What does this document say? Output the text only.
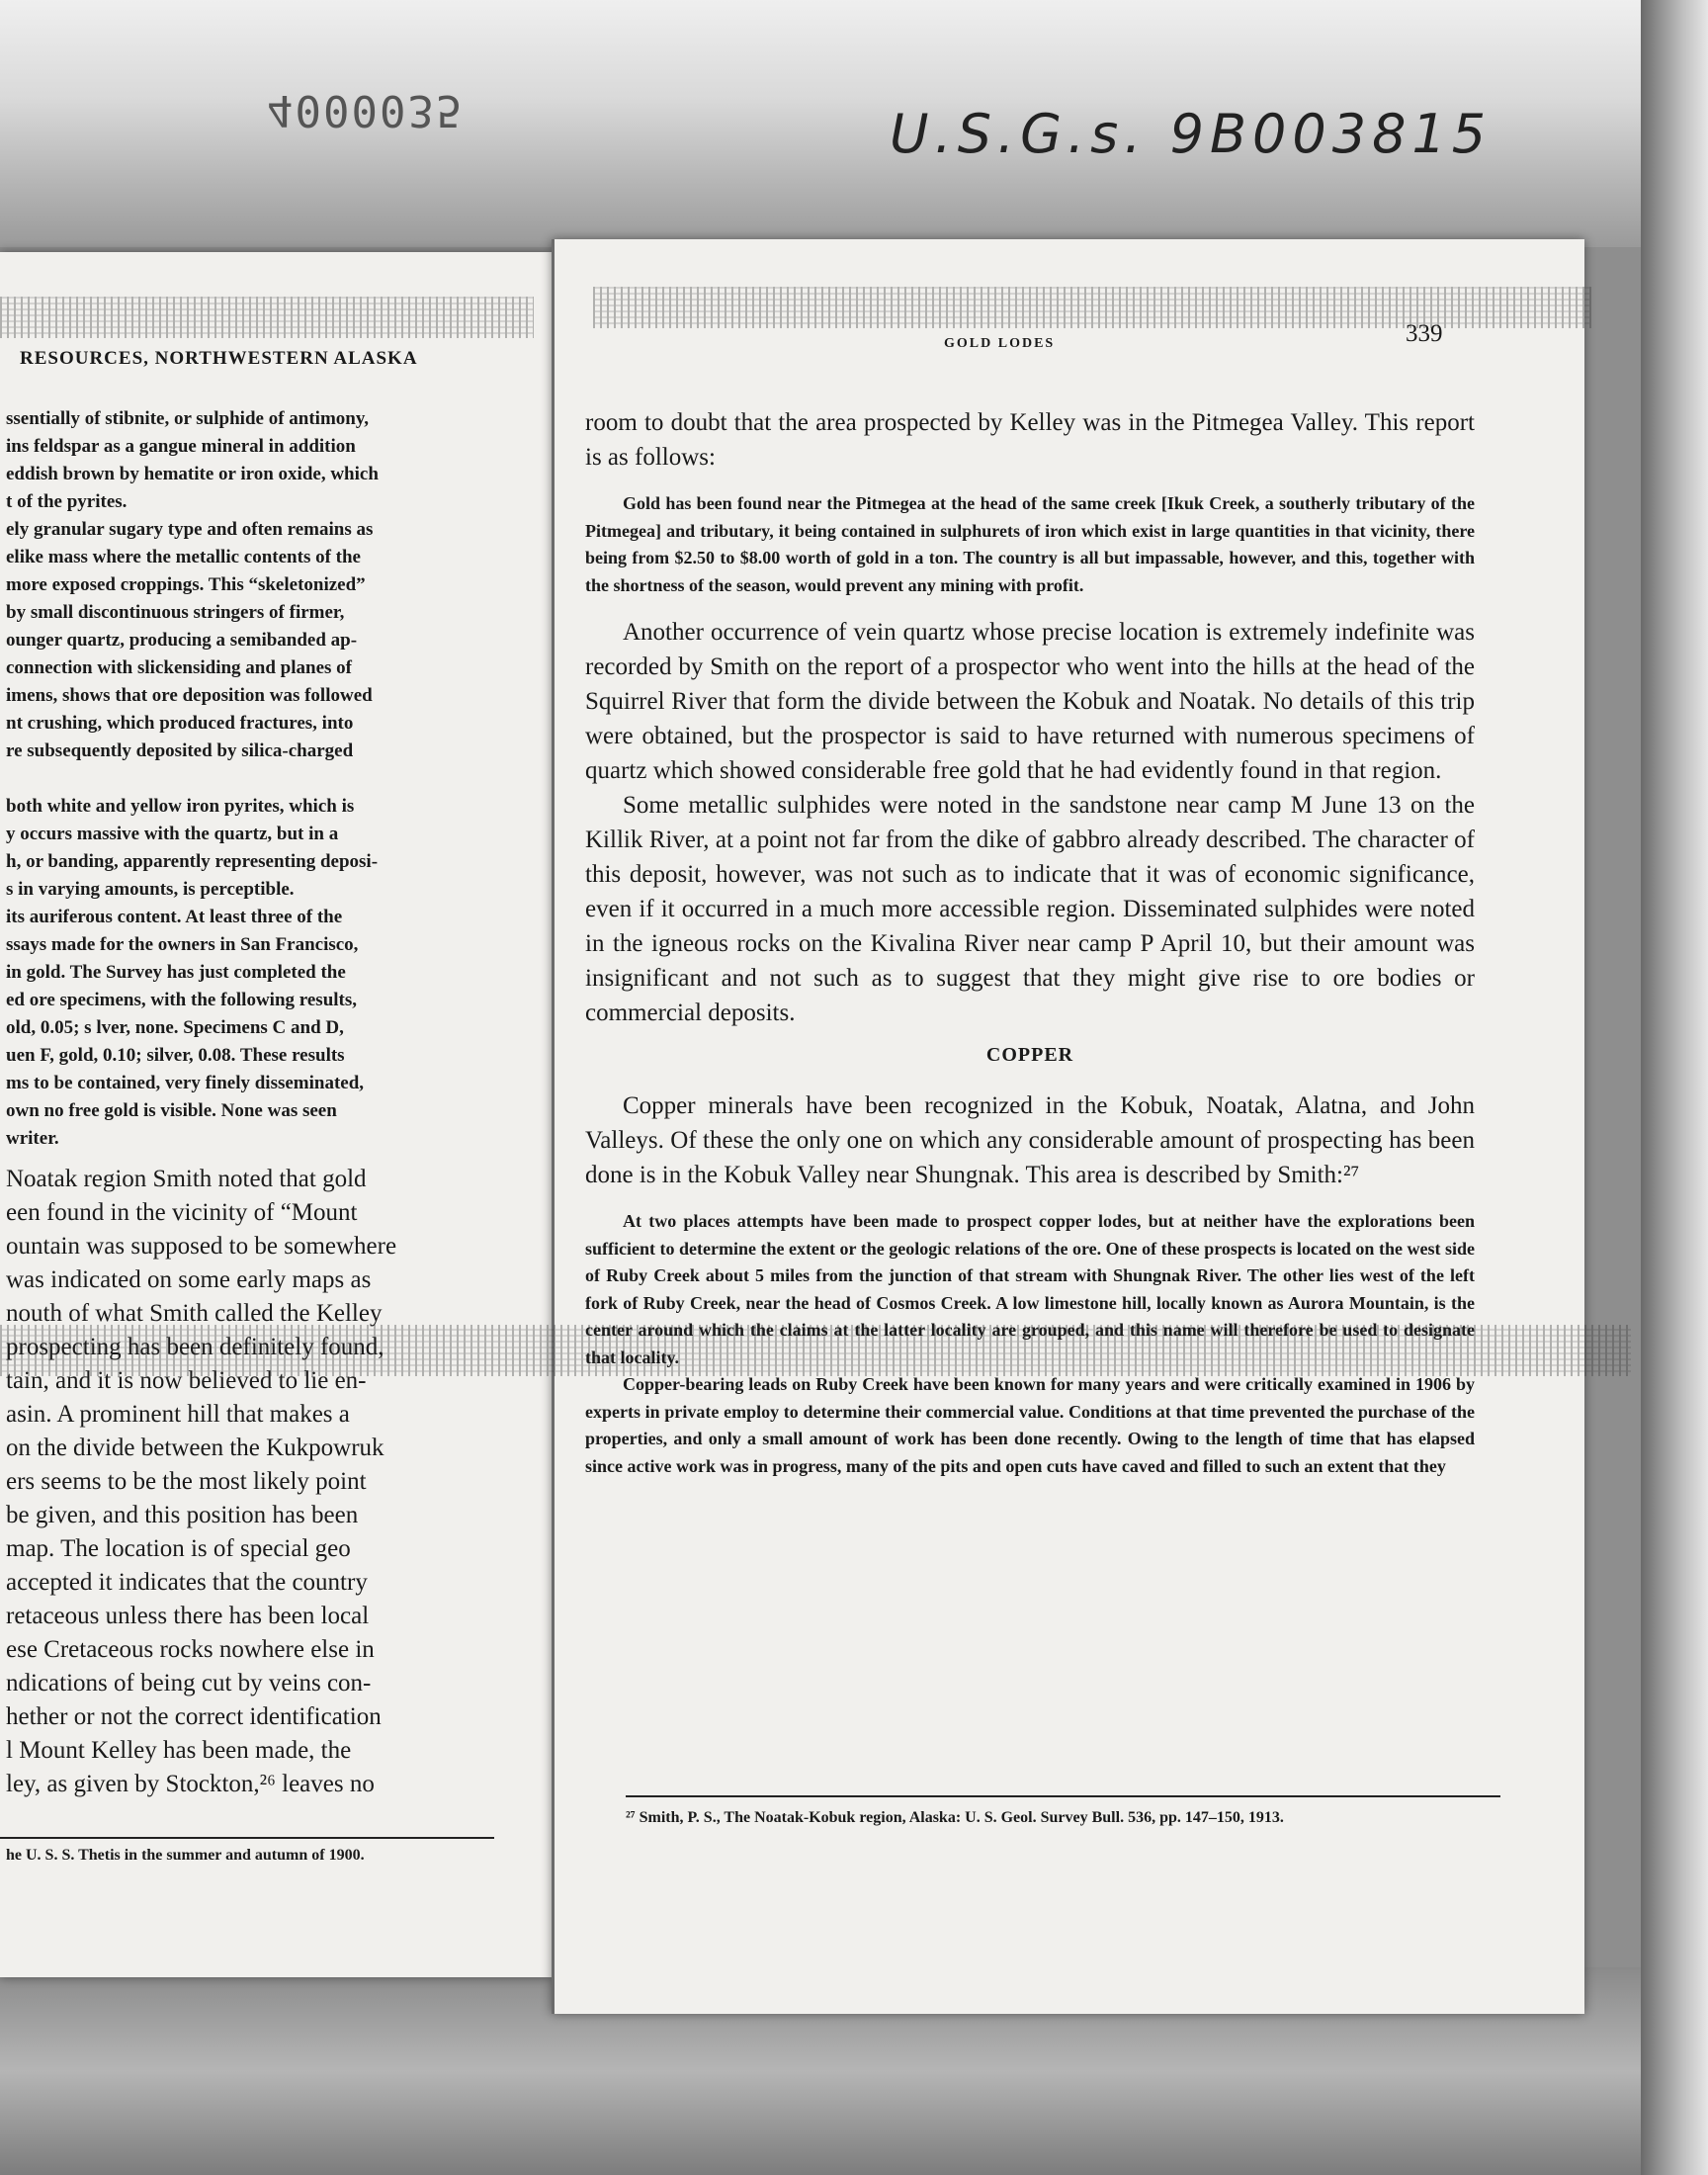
4000035	U.S.G.s. 9B003815
RESOURCES, NORTHWESTERN ALASKA
GOLD LODES	339

ssentially of stibnite, or sulphide of antimony,

ins feldspar as a gangue mineral in addition

eddish brown by hematite or iron oxide, which

t of the pyrites.

ely granular sugary type and often remains as

elike mass where the metallic contents of the

more exposed croppings. This “skeletonized”

by small discontinuous stringers of firmer,

ounger quartz, producing a semibanded ap-

connection with slickensiding and planes of

imens, shows that ore deposition was followed

nt crushing, which produced fractures, into

re subsequently deposited by silica-charged

both white and yellow iron pyrites, which is

y occurs massive with the quartz, but in a

h, or banding, apparently representing deposi-

s in varying amounts, is perceptible.

its auriferous content. At least three of the

ssays made for the owners in San Francisco,

in gold. The Survey has just completed the

ed ore specimens, with the following results,

old, 0.05; s lver, none. Specimens C and D,

uen F, gold, 0.10; silver, 0.08. These results

ms to be contained, very finely disseminated,

own no free gold is visible. None was seen

writer.

Noatak region Smith noted that gold

een found in the vicinity of “Mount

ountain was supposed to be somewhere

was indicated on some early maps as

nouth of what Smith called the Kelley

prospecting has been definitely found,

tain, and it is now believed to lie en-

asin. A prominent hill that makes a

on the divide between the Kukpowruk

ers seems to be the most likely point

be given, and this position has been

map. The location is of special geo

accepted it indicates that the country

retaceous unless there has been local

ese Cretaceous rocks nowhere else in

ndications of being cut by veins con-

hether or not the correct identification

l Mount Kelley has been made, the

ley, as given by Stockton,²⁶ leaves no

he U. S. S. Thetis in the summer and autumn of 1900.

room to doubt that the area prospected by Kelley was in the Pitmegea Valley. This report is as follows:

Gold has been found near the Pitmegea at the head of the same creek [Ikuk Creek, a southerly tributary of the Pitmegea] and tributary, it being contained in sulphurets of iron which exist in large quantities in that vicinity, there being from $2.50 to $8.00 worth of gold in a ton. The country is all but impassable, however, and this, together with the shortness of the season, would prevent any mining with profit.

Another occurrence of vein quartz whose precise location is extremely indefinite was recorded by Smith on the report of a prospector who went into the hills at the head of the Squirrel River that form the divide between the Kobuk and Noatak. No details of this trip were obtained, but the prospector is said to have returned with numerous specimens of quartz which showed considerable free gold that he had evidently found in that region.

Some metallic sulphides were noted in the sandstone near camp M June 13 on the Killik River, at a point not far from the dike of gabbro already described. The character of this deposit, however, was not such as to indicate that it was of economic significance, even if it occurred in a much more accessible region. Disseminated sulphides were noted in the igneous rocks on the Kivalina River near camp P April 10, but their amount was insignificant and not such as to suggest that they might give rise to ore bodies or commercial deposits.

COPPER

Copper minerals have been recognized in the Kobuk, Noatak, Alatna, and John Valleys. Of these the only one on which any considerable amount of prospecting has been done is in the Kobuk Valley near Shungnak. This area is described by Smith:²⁷

At two places attempts have been made to prospect copper lodes, but at neither have the explorations been sufficient to determine the extent or the geologic relations of the ore. One of these prospects is located on the west side of Ruby Creek about 5 miles from the junction of that stream with Shungnak River. The other lies west of the left fork of Ruby Creek, near the head of Cosmos Creek. A low limestone hill, locally known as Aurora Mountain, is the center around which the claims at the latter locality are grouped, and this name will therefore be used to designate that locality.

Copper-bearing leads on Ruby Creek have been known for many years and were critically examined in 1906 by experts in private employ to determine their commercial value. Conditions at that time prevented the purchase of the properties, and only a small amount of work has been done recently. Owing to the length of time that has elapsed since active work was in progress, many of the pits and open cuts have caved and filled to such an extent that they

²⁷ Smith, P. S., The Noatak-Kobuk region, Alaska: U. S. Geol. Survey Bull. 536, pp. 147–150, 1913.
